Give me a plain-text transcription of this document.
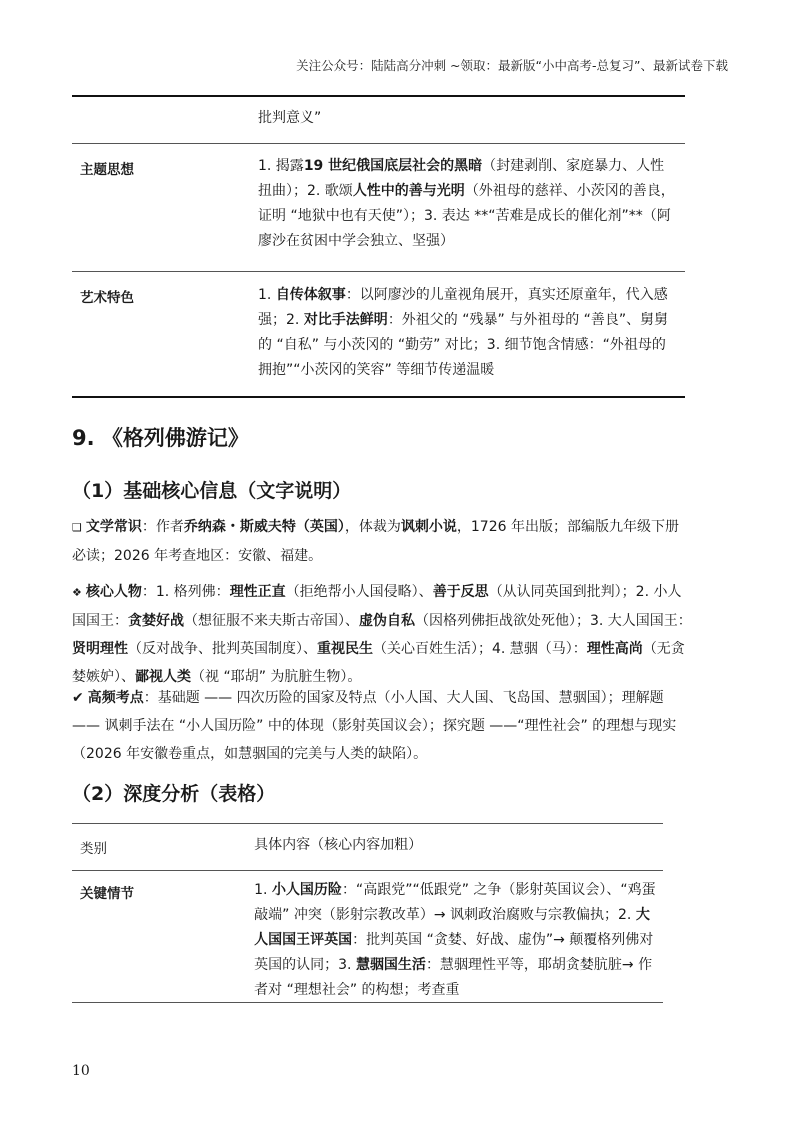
关注公众号：陆陆高分冲刺 ~领取：最新版“小中高考-总复习”、最新试卷下载
批判意义”
主题思想	1. 揭露19 世纪俄国底层社会的黑暗（封建剥削、家庭暴力、人性扭曲）；2. 歌颂人性中的善与光明（外祖母的慈祥、小茨冈的善良，证明 “地狱中也有天使”）；3. 表达 **“苦难是成长的催化剂”**（阿廖沙在贫困中学会独立、坚强）
艺术特色	1. 自传体叙事：以阿廖沙的儿童视角展开，真实还原童年，代入感强；2. 对比手法鲜明：外祖父的 “残暴” 与外祖母的 “善良”、舅舅的 “自私” 与小茨冈的 “勤劳” 对比；3. 细节饱含情感：“外祖母的拥抱”“小茨冈的笑容” 等细节传递温暖
9. 《格列佛游记》
（1）基础核心信息（文字说明）
❑ 文学常识：作者乔纳森・斯威夫特（英国），体裁为讽刺小说，1726 年出版；部编版九年级下册必读；2026 年考查地区：安徽、福建。
❖ 核心人物：1. 格列佛：理性正直（拒绝帮小人国侵略）、善于反思（从认同英国到批判）；2. 小人国国王：贪婪好战（想征服不来夫斯古帝国）、虚伪自私（因格列佛拒战欲处死他）；3. 大人国国王：贤明理性（反对战争、批判英国制度）、重视民生（关心百姓生活）；4. 慧骃（马）：理性高尚（无贪婪嫉妒）、鄙视人类（视 “耶胡” 为肮脏生物）。
✔ 高频考点：基础题 —— 四次历险的国家及特点（小人国、大人国、飞岛国、慧骃国）；理解题 —— 讽刺手法在 “小人国历险” 中的体现（影射英国议会）；探究题 ——“理性社会” 的理想与现实（2026 年安徽卷重点，如慧骃国的完美与人类的缺陷）。
（2）深度分析（表格）
类别	具体内容（核心内容加粗）
关键情节	1. 小人国历险：“高跟党”“低跟党” 之争（影射英国议会）、“鸡蛋敲端” 冲突（影射宗教改革）→ 讽刺政治腐败与宗教偏执；2. 大人国国王评英国：批判英国 “贪婪、好战、虚伪”→ 颠覆格列佛对英国的认同；3. 慧骃国生活：慧骃理性平等，耶胡贪婪肮脏→ 作者对 “理想社会” 的构想；考查重
10
